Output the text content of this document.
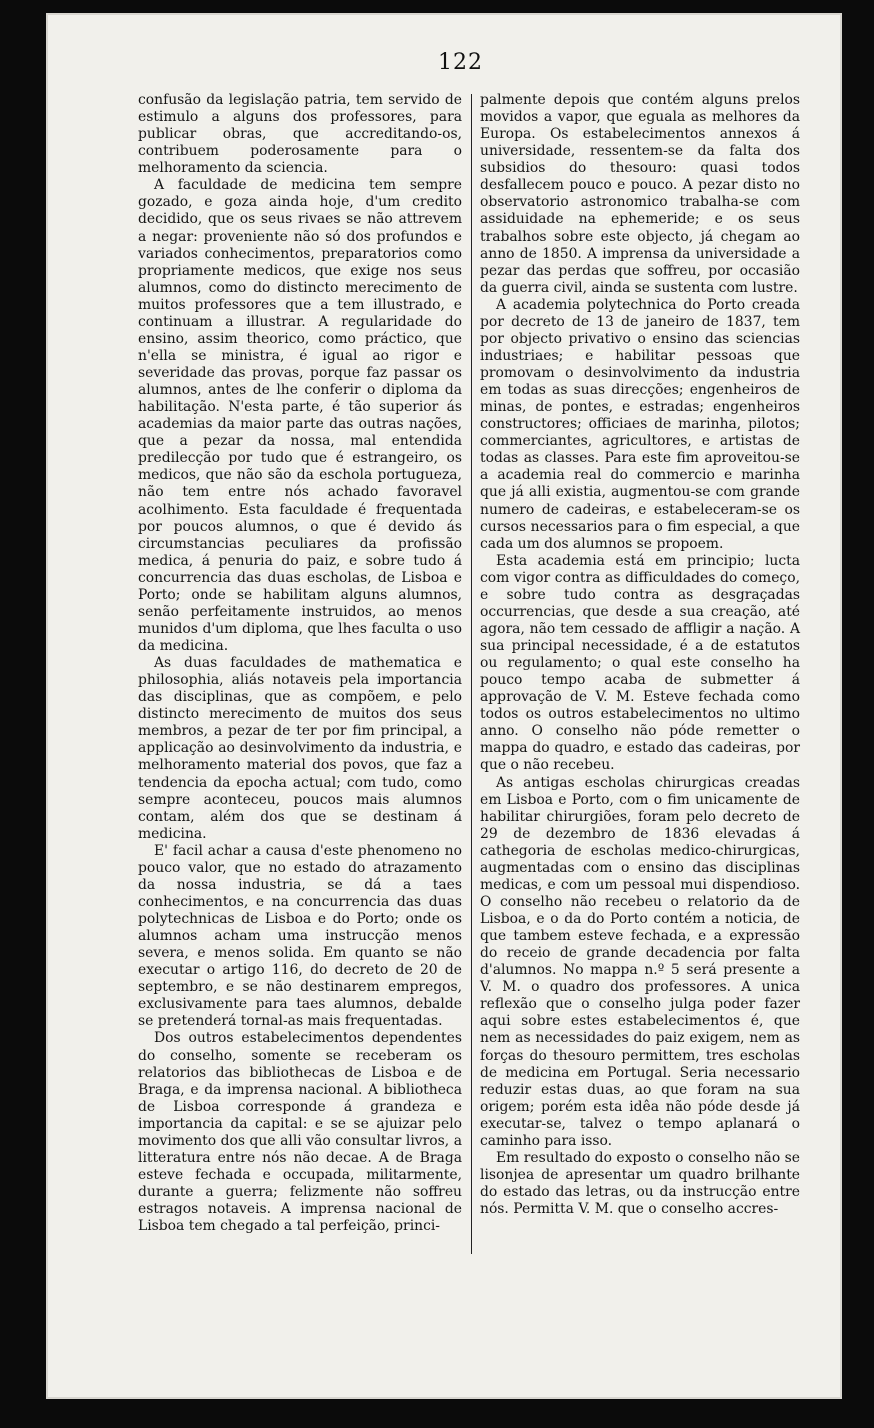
122

confusão da legislação patria, tem servido de estimulo a alguns dos professores, para publicar obras, que accreditando-os, contribuem poderosamente para o melhoramento da sciencia.

A faculdade de medicina tem sempre gozado, e goza ainda hoje, d'um credito decidido, que os seus rivaes se não attrevem a negar: proveniente não só dos profundos e variados conhecimentos, preparatorios como propriamente medicos, que exige nos seus alumnos, como do distincto merecimento de muitos professores que a tem illustrado, e continuam a illustrar. A regularidade do ensino, assim theorico, como práctico, que n'ella se ministra, é igual ao rigor e severidade das provas, porque faz passar os alumnos, antes de lhe conferir o diploma da habilitação. N'esta parte, é tão superior ás academias da maior parte das outras nações, que a pezar da nossa, mal entendida predilecção por tudo que é estrangeiro, os medicos, que não são da eschola portugueza, não tem entre nós achado favoravel acolhimento. Esta faculdade é frequentada por poucos alumnos, o que é devido ás circumstancias peculiares da profissão medica, á penuria do paiz, e sobre tudo á concurrencia das duas escholas, de Lisboa e Porto; onde se habilitam alguns alumnos, senão perfeitamente instruidos, ao menos munidos d'um diploma, que lhes faculta o uso da medicina.

As duas faculdades de mathematica e philosophia, aliás notaveis pela importancia das disciplinas, que as compõem, e pelo distincto merecimento de muitos dos seus membros, a pezar de ter por fim principal, a applicação ao desinvolvimento da industria, e melhoramento material dos povos, que faz a tendencia da epocha actual; com tudo, como sempre aconteceu, poucos mais alumnos contam, além dos que se destinam á medicina.

E' facil achar a causa d'este phenomeno no pouco valor, que no estado do atrazamento da nossa industria, se dá a taes conhecimentos, e na concurrencia das duas polytechnicas de Lisboa e do Porto; onde os alumnos acham uma instrucção menos severa, e menos solida. Em quanto se não executar o artigo 116, do decreto de 20 de septembro, e se não destinarem empregos, exclusivamente para taes alumnos, debalde se pretenderá tornal-as mais frequentadas.

Dos outros estabelecimentos dependentes do conselho, somente se receberam os relatorios das bibliothecas de Lisboa e de Braga, e da imprensa nacional. A bibliotheca de Lisboa corresponde á grandeza e importancia da capital: e se se ajuizar pelo movimento dos que alli vão consultar livros, a litteratura entre nós não decae. A de Braga esteve fechada e occupada, militarmente, durante a guerra; felizmente não soffreu estragos notaveis. A imprensa nacional de Lisboa tem chegado a tal perfeição, princi-

palmente depois que contém alguns prelos movidos a vapor, que eguala as melhores da Europa. Os estabelecimentos annexos á universidade, ressentem-se da falta dos subsidios do thesouro: quasi todos desfallecem pouco e pouco. A pezar disto no observatorio astronomico trabalha-se com assiduidade na ephemeride; e os seus trabalhos sobre este objecto, já chegam ao anno de 1850. A imprensa da universidade a pezar das perdas que soffreu, por occasião da guerra civil, ainda se sustenta com lustre.

A academia polytechnica do Porto creada por decreto de 13 de janeiro de 1837, tem por objecto privativo o ensino das sciencias industriaes; e habilitar pessoas que promovam o desinvolvimento da industria em todas as suas direcções; engenheiros de minas, de pontes, e estradas; engenheiros constructores; officiaes de marinha, pilotos; commerciantes, agricultores, e artistas de todas as classes. Para este fim aproveitou-se a academia real do commercio e marinha que já alli existia, augmentou-se com grande numero de cadeiras, e estabeleceram-se os cursos necessarios para o fim especial, a que cada um dos alumnos se propoem.

Esta academia está em principio; lucta com vigor contra as difficuldades do começo, e sobre tudo contra as desgraçadas occurrencias, que desde a sua creação, até agora, não tem cessado de affligir a nação. A sua principal necessidade, é a de estatutos ou regulamento; o qual este conselho ha pouco tempo acaba de submetter á approvação de V. M. Esteve fechada como todos os outros estabelecimentos no ultimo anno. O conselho não póde remetter o mappa do quadro, e estado das cadeiras, por que o não recebeu.

As antigas escholas chirurgicas creadas em Lisboa e Porto, com o fim unicamente de habilitar chirurgiões, foram pelo decreto de 29 de dezembro de 1836 elevadas á cathegoria de escholas medico-chirurgicas, augmentadas com o ensino das disciplinas medicas, e com um pessoal mui dispendioso. O conselho não recebeu o relatorio da de Lisboa, e o da do Porto contém a noticia, de que tambem esteve fechada, e a expressão do receio de grande decadencia por falta d'alumnos. No mappa n.º 5 será presente a V. M. o quadro dos professores. A unica reflexão que o conselho julga poder fazer aqui sobre estes estabelecimentos é, que nem as necessidades do paiz exigem, nem as forças do thesouro permittem, tres escholas de medicina em Portugal. Seria necessario reduzir estas duas, ao que foram na sua origem; porém esta idêa não póde desde já executar-se, talvez o tempo aplanará o caminho para isso.

Em resultado do exposto o conselho não se lisonjea de apresentar um quadro brilhante do estado das letras, ou da instrucção entre nós. Permitta V. M. que o conselho accres-
